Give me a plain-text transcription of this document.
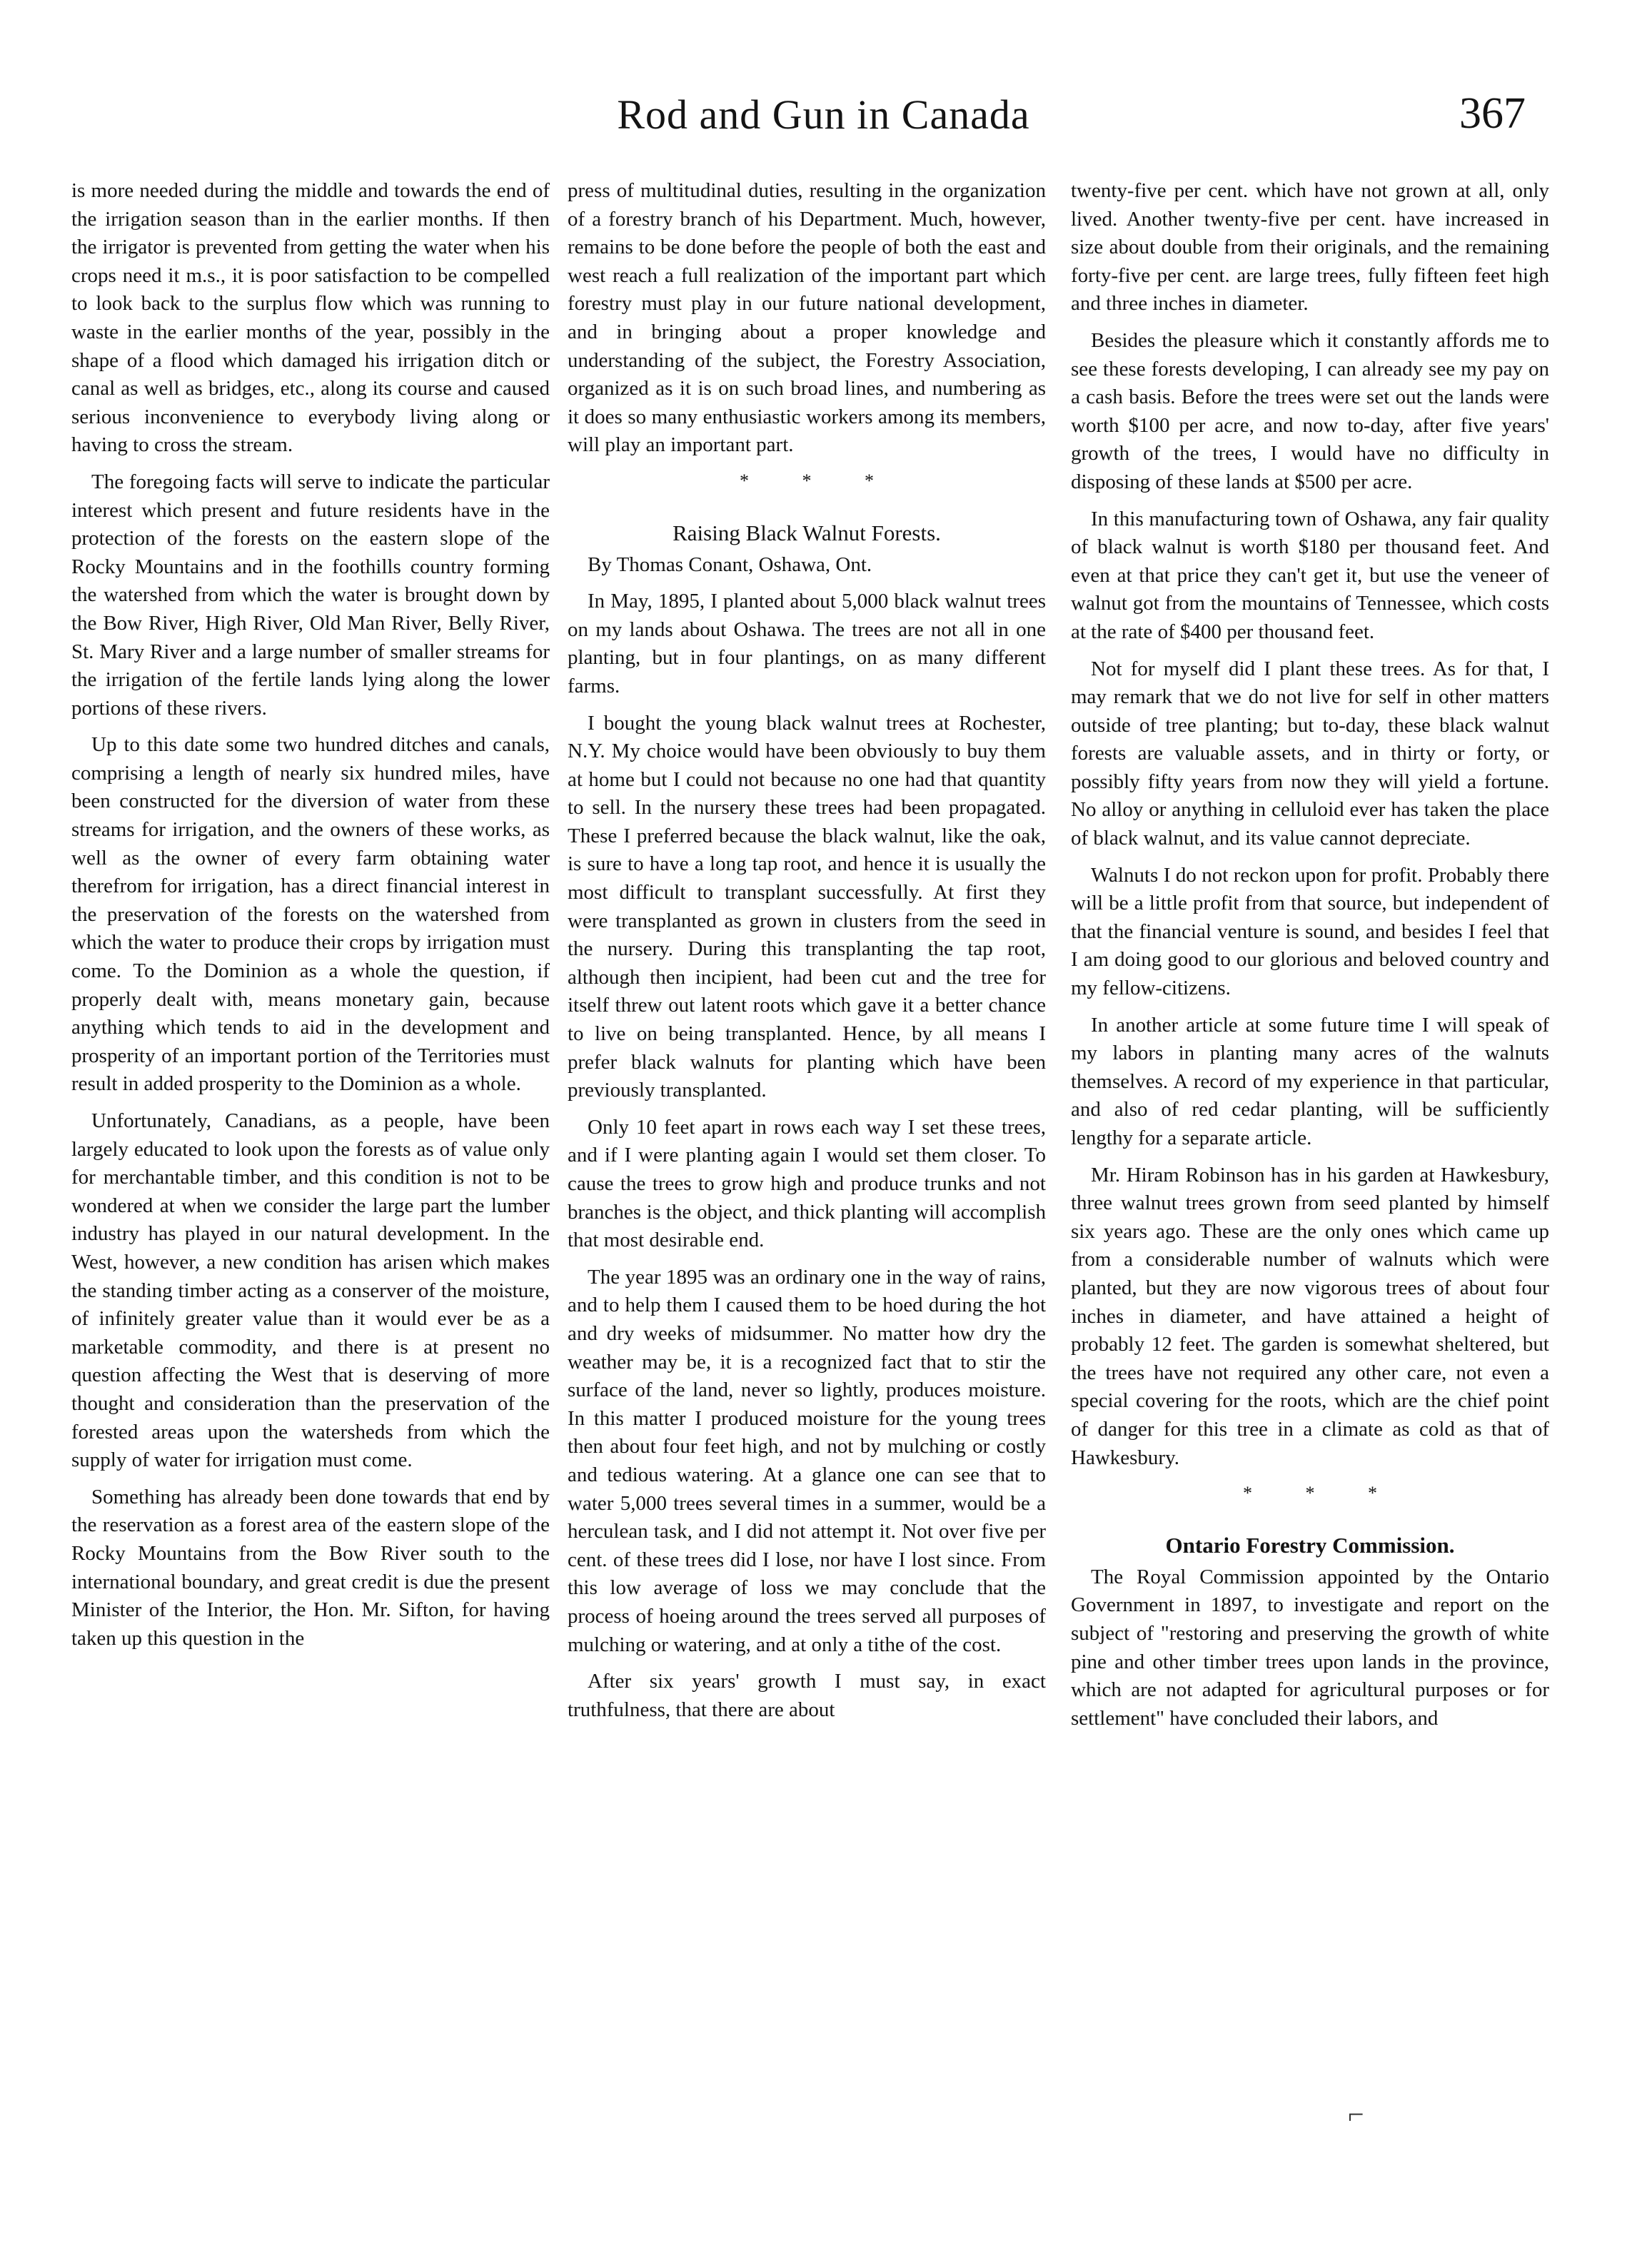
Rod and Gun in Canada	367

is more needed during the middle and towards the end of the irrigation season than in the earlier months. If then the irrigator is prevented from getting the water when his crops need it m.s., it is poor satisfaction to be compelled to look back to the surplus flow which was running to waste in the earlier months of the year, possibly in the shape of a flood which damaged his irrigation ditch or canal as well as bridges, etc., along its course and caused serious inconvenience to everybody living along or having to cross the stream.

The foregoing facts will serve to indicate the particular interest which present and future residents have in the protection of the forests on the eastern slope of the Rocky Mountains and in the foothills country forming the watershed from which the water is brought down by the Bow River, High River, Old Man River, Belly River, St. Mary River and a large number of smaller streams for the irrigation of the fertile lands lying along the lower portions of these rivers.

Up to this date some two hundred ditches and canals, comprising a length of nearly six hundred miles, have been constructed for the diversion of water from these streams for irrigation, and the owners of these works, as well as the owner of every farm obtaining water therefrom for irrigation, has a direct financial interest in the preservation of the forests on the watershed from which the water to produce their crops by irrigation must come. To the Dominion as a whole the question, if properly dealt with, means monetary gain, because anything which tends to aid in the development and prosperity of an important portion of the Territories must result in added prosperity to the Dominion as a whole.

Unfortunately, Canadians, as a people, have been largely educated to look upon the forests as of value only for merchantable timber, and this condition is not to be wondered at when we consider the large part the lumber industry has played in our natural development. In the West, however, a new condition has arisen which makes the standing timber acting as a conserver of the moisture, of infinitely greater value than it would ever be as a marketable commodity, and there is at present no question affecting the West that is deserving of more thought and consideration than the preservation of the forested areas upon the watersheds from which the supply of water for irrigation must come.

Something has already been done towards that end by the reservation as a forest area of the eastern slope of the Rocky Mountains from the Bow River south to the international boundary, and great credit is due the present Minister of the Interior, the Hon. Mr. Sifton, for having taken up this question in the

press of multitudinal duties, resulting in the organization of a forestry branch of his Department. Much, however, remains to be done before the people of both the east and west reach a full realization of the important part which forestry must play in our future national development, and in bringing about a proper knowledge and understanding of the subject, the Forestry Association, organized as it is on such broad lines, and numbering as it does so many enthusiastic workers among its members, will play an important part.

* * *
Raising Black Walnut Forests.

By Thomas Conant, Oshawa, Ont.

In May, 1895, I planted about 5,000 black walnut trees on my lands about Oshawa. The trees are not all in one planting, but in four plantings, on as many different farms.

I bought the young black walnut trees at Rochester, N.Y. My choice would have been obviously to buy them at home but I could not because no one had that quantity to sell. In the nursery these trees had been propagated. These I preferred because the black walnut, like the oak, is sure to have a long tap root, and hence it is usually the most difficult to transplant successfully. At first they were transplanted as grown in clusters from the seed in the nursery. During this transplanting the tap root, although then incipient, had been cut and the tree for itself threw out latent roots which gave it a better chance to live on being transplanted. Hence, by all means I prefer black walnuts for planting which have been previously transplanted.

Only 10 feet apart in rows each way I set these trees, and if I were planting again I would set them closer. To cause the trees to grow high and produce trunks and not branches is the object, and thick planting will accomplish that most desirable end.

The year 1895 was an ordinary one in the way of rains, and to help them I caused them to be hoed during the hot and dry weeks of midsummer. No matter how dry the weather may be, it is a recognized fact that to stir the surface of the land, never so lightly, produces moisture. In this matter I produced moisture for the young trees then about four feet high, and not by mulching or costly and tedious watering. At a glance one can see that to water 5,000 trees several times in a summer, would be a herculean task, and I did not attempt it. Not over five per cent. of these trees did I lose, nor have I lost since. From this low average of loss we may conclude that the process of hoeing around the trees served all purposes of mulching or watering, and at only a tithe of the cost.

After six years' growth I must say, in exact truthfulness, that there are about

twenty-five per cent. which have not grown at all, only lived. Another twenty-five per cent. have increased in size about double from their originals, and the remaining forty-five per cent. are large trees, fully fifteen feet high and three inches in diameter.

Besides the pleasure which it constantly affords me to see these forests developing, I can already see my pay on a cash basis. Before the trees were set out the lands were worth $100 per acre, and now to-day, after five years' growth of the trees, I would have no difficulty in disposing of these lands at $500 per acre.

In this manufacturing town of Oshawa, any fair quality of black walnut is worth $180 per thousand feet. And even at that price they can't get it, but use the veneer of walnut got from the mountains of Tennessee, which costs at the rate of $400 per thousand feet.

Not for myself did I plant these trees. As for that, I may remark that we do not live for self in other matters outside of tree planting; but to-day, these black walnut forests are valuable assets, and in thirty or forty, or possibly fifty years from now they will yield a fortune. No alloy or anything in celluloid ever has taken the place of black walnut, and its value cannot depreciate.

Walnuts I do not reckon upon for profit. Probably there will be a little profit from that source, but independent of that the financial venture is sound, and besides I feel that I am doing good to our glorious and beloved country and my fellow-citizens.

In another article at some future time I will speak of my labors in planting many acres of the walnuts themselves. A record of my experience in that particular, and also of red cedar planting, will be sufficiently lengthy for a separate article.

Mr. Hiram Robinson has in his garden at Hawkesbury, three walnut trees grown from seed planted by himself six years ago. These are the only ones which came up from a considerable number of walnuts which were planted, but they are now vigorous trees of about four inches in diameter, and have attained a height of probably 12 feet. The garden is somewhat sheltered, but the trees have not required any other care, not even a special covering for the roots, which are the chief point of danger for this tree in a climate as cold as that of Hawkesbury.

* * *
Ontario Forestry Commission.

The Royal Commission appointed by the Ontario Government in 1897, to investigate and report on the subject of "restoring and preserving the growth of white pine and other timber trees upon lands in the province, which are not adapted for agricultural purposes or for settlement" have concluded their labors, and

⌐
